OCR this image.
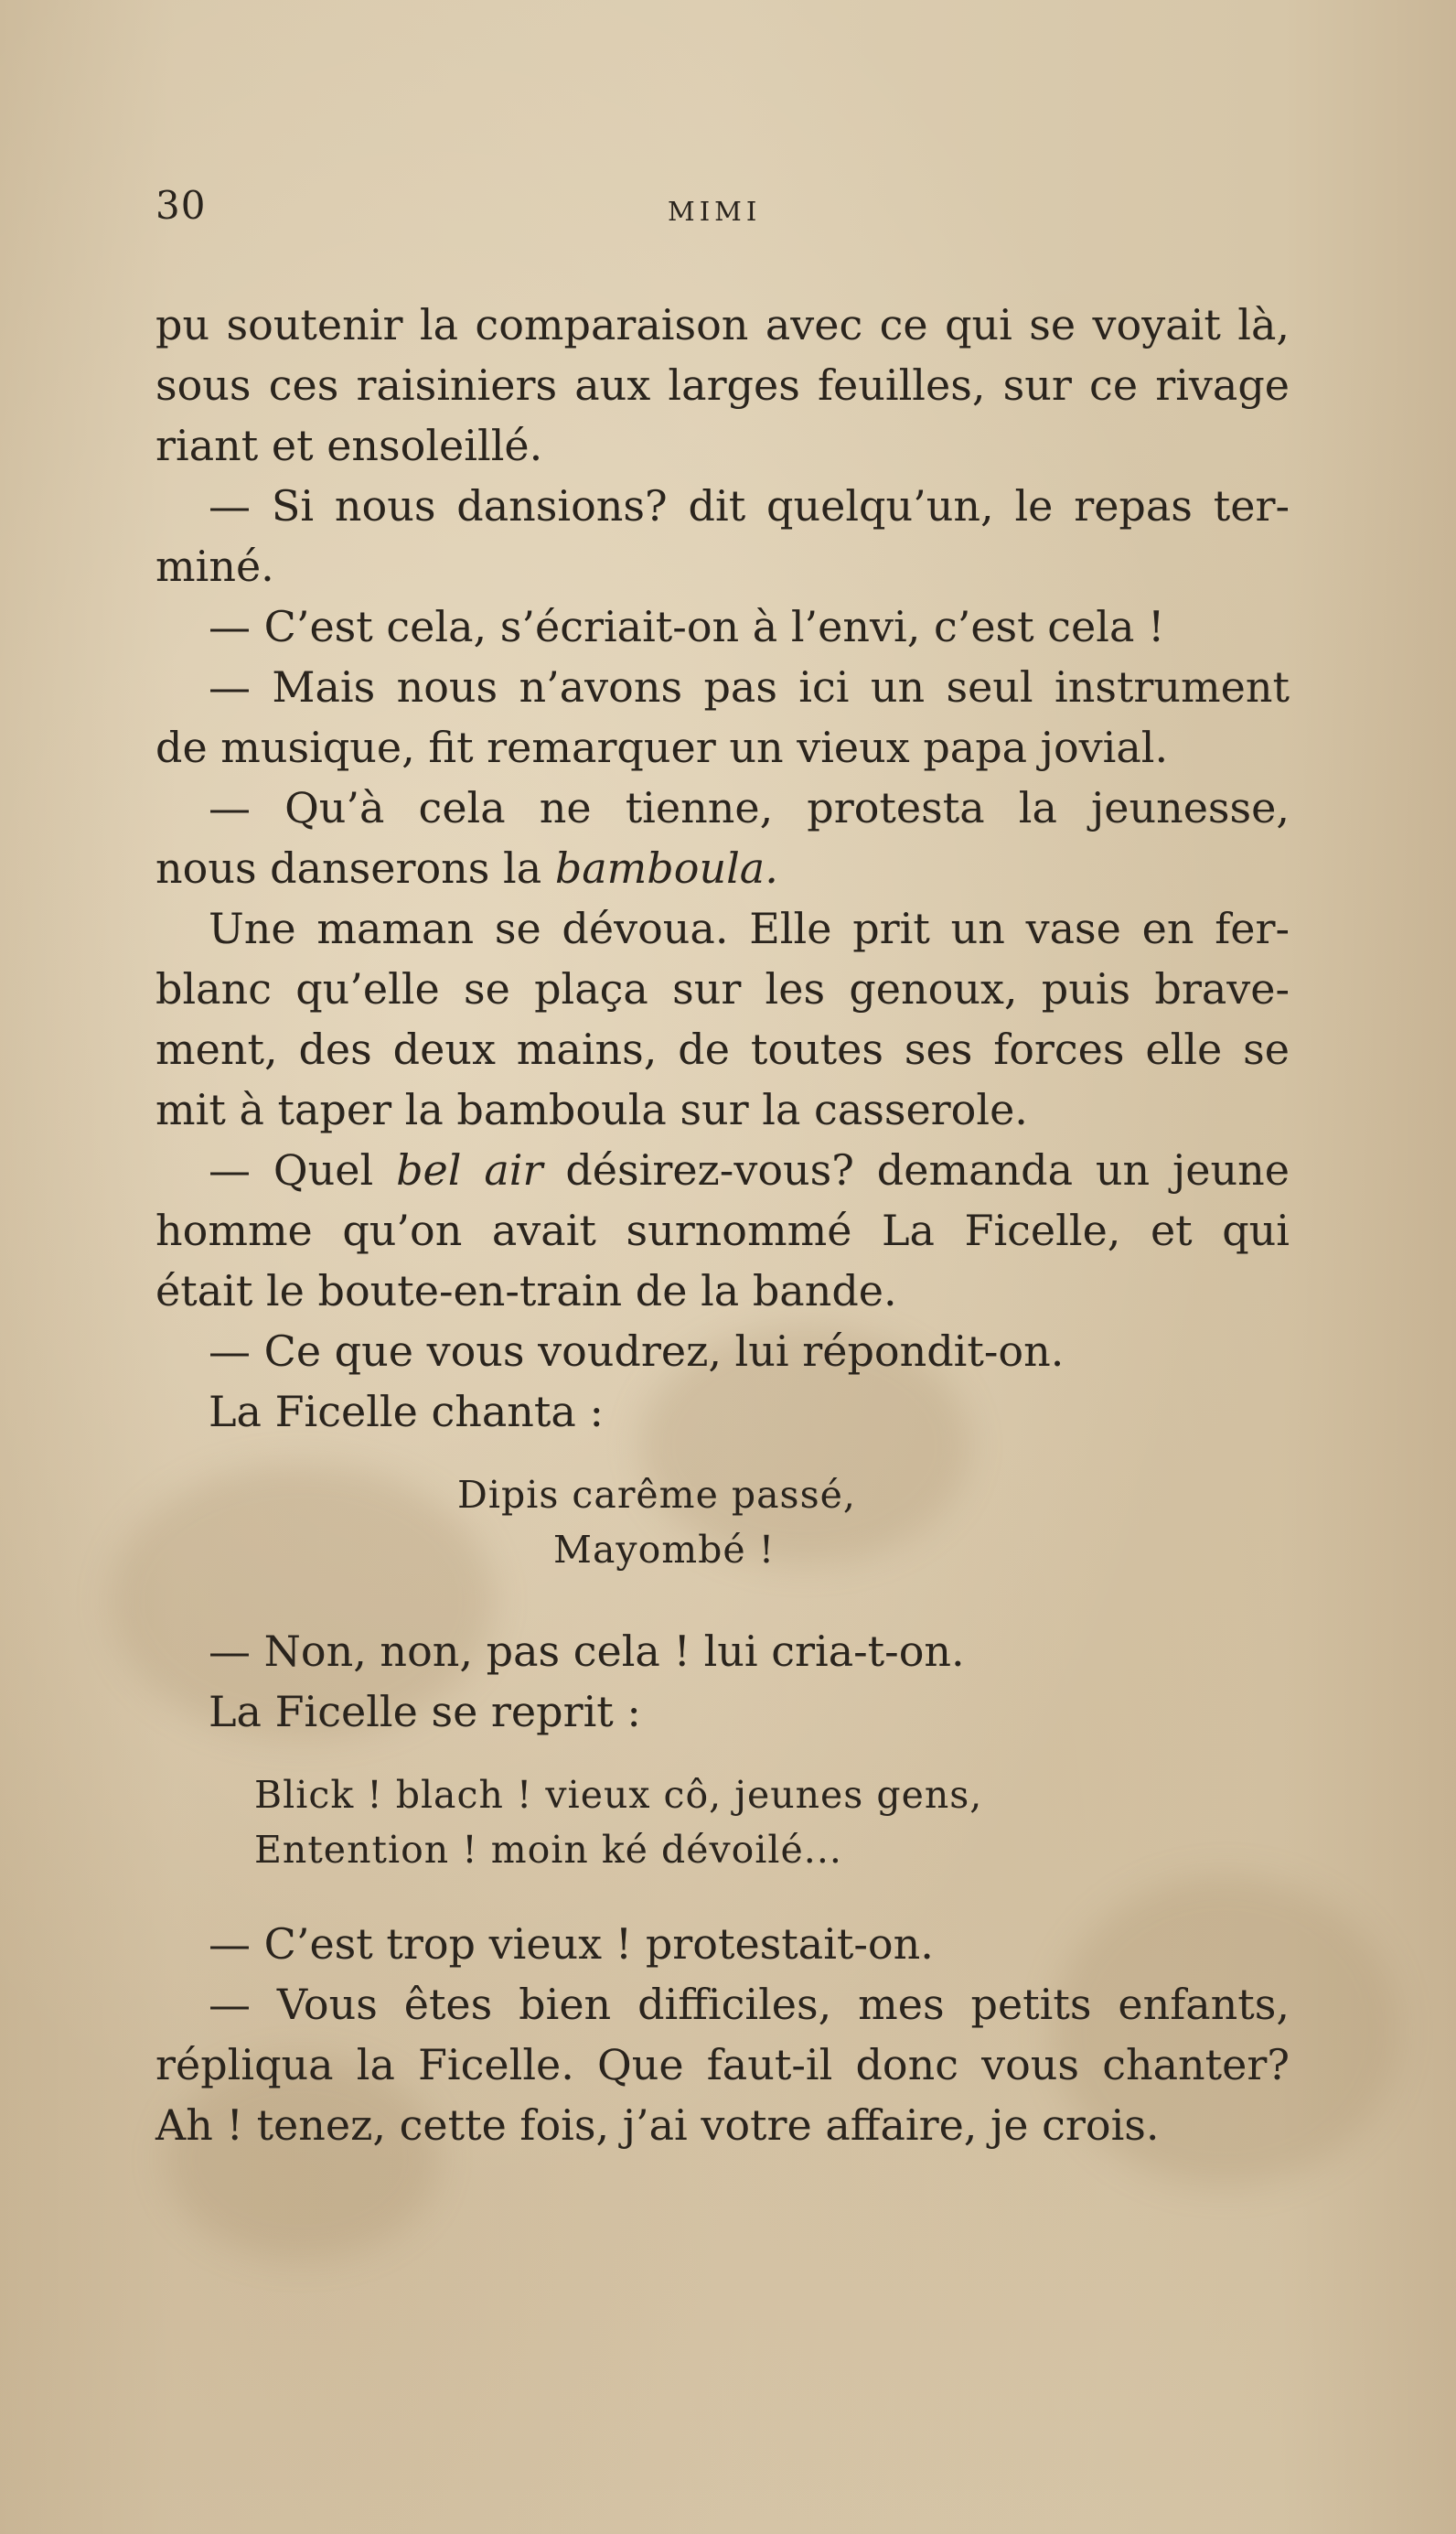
30	MIMI
pu soutenir la comparaison avec ce qui se voyait là,
sous ces raisiniers aux larges feuilles, sur ce rivage
riant et ensoleillé.
— Si nous dansions? dit quelqu’un, le repas ter-
miné.
— C’est cela, s’écriait-on à l’envi, c’est cela !
— Mais nous n’avons pas ici un seul instrument
de musique, fit remarquer un vieux papa jovial.
— Qu’à cela ne tienne, protesta la jeunesse,
nous danserons la bamboula.
Une maman se dévoua. Elle prit un vase en fer-
blanc qu’elle se plaça sur les genoux, puis brave-
ment, des deux mains, de toutes ses forces elle se
mit à taper la bamboula sur la casserole.
— Quel bel air désirez-vous? demanda un jeune
homme qu’on avait surnommé La Ficelle, et qui
était le boute-en-train de la bande.
— Ce que vous voudrez, lui répondit-on.
La Ficelle chanta :
Dipis carême passé,
Mayombé !
— Non, non, pas cela ! lui cria-t-on.
La Ficelle se reprit :
Blick ! blach ! vieux cô, jeunes gens,
Entention ! moin ké dévoilé...
— C’est trop vieux ! protestait-on.
— Vous êtes bien difficiles, mes petits enfants,
répliqua la Ficelle. Que faut-il donc vous chanter?
Ah ! tenez, cette fois, j’ai votre affaire, je crois.
